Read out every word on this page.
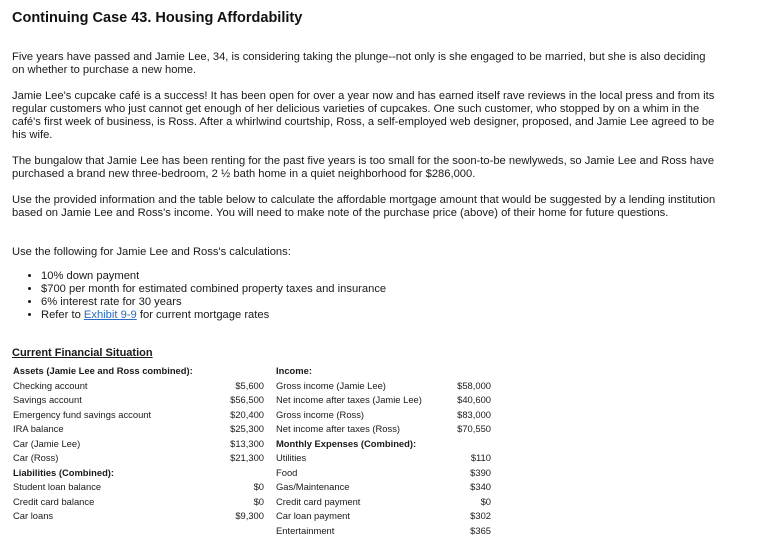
Continuing Case 43. Housing Affordability

Five years have passed and Jamie Lee, 34, is considering taking the plunge--not only is she engaged to be married, but she is also deciding on whether to purchase a new home.

Jamie Lee's cupcake café is a success! It has been open for over a year now and has earned itself rave reviews in the local press and from its regular customers who just cannot get enough of her delicious varieties of cupcakes. One such customer, who stopped by on a whim in the café's first week of business, is Ross. After a whirlwind courtship, Ross, a self-employed web designer, proposed, and Jamie Lee agreed to be his wife.

The bungalow that Jamie Lee has been renting for the past five years is too small for the soon-to-be newlyweds, so Jamie Lee and Ross have purchased a brand new three-bedroom, 2 ½ bath home in a quiet neighborhood for $286,000.

Use the provided information and the table below to calculate the affordable mortgage amount that would be suggested by a lending institution based on Jamie Lee and Ross's income. You will need to make note of the purchase price (above) of their home for future questions.

Use the following for Jamie Lee and Ross's calculations:

• 10% down payment
• $700 per month for estimated combined property taxes and insurance
• 6% interest rate for 30 years
• Refer to Exhibit 9-9 for current mortgage rates
Current Financial Situation
Assets (Jamie Lee and Ross combined):
Checking account
Savings account
Emergency fund savings account
IRA balance
Car (Jamie Lee)
Car (Ross)
Liabilities (Combined):
Student loan balance
Credit card balance
Car loans
$5,600
$56,500
$20,400
$25,300
$13,300
$21,300
$0
$0
$9,300
Income:
Gross income (Jamie Lee)
Net income after taxes (Jamie Lee)
Gross income (Ross)
Net income after taxes (Ross)
Monthly Expenses (Combined):
Utilities
Food
Gas/Maintenance
Credit card payment
Car loan payment
Entertainment
$58,000
$40,600
$83,000
$70,550
$110
$390
$340
$0
$302
$365
